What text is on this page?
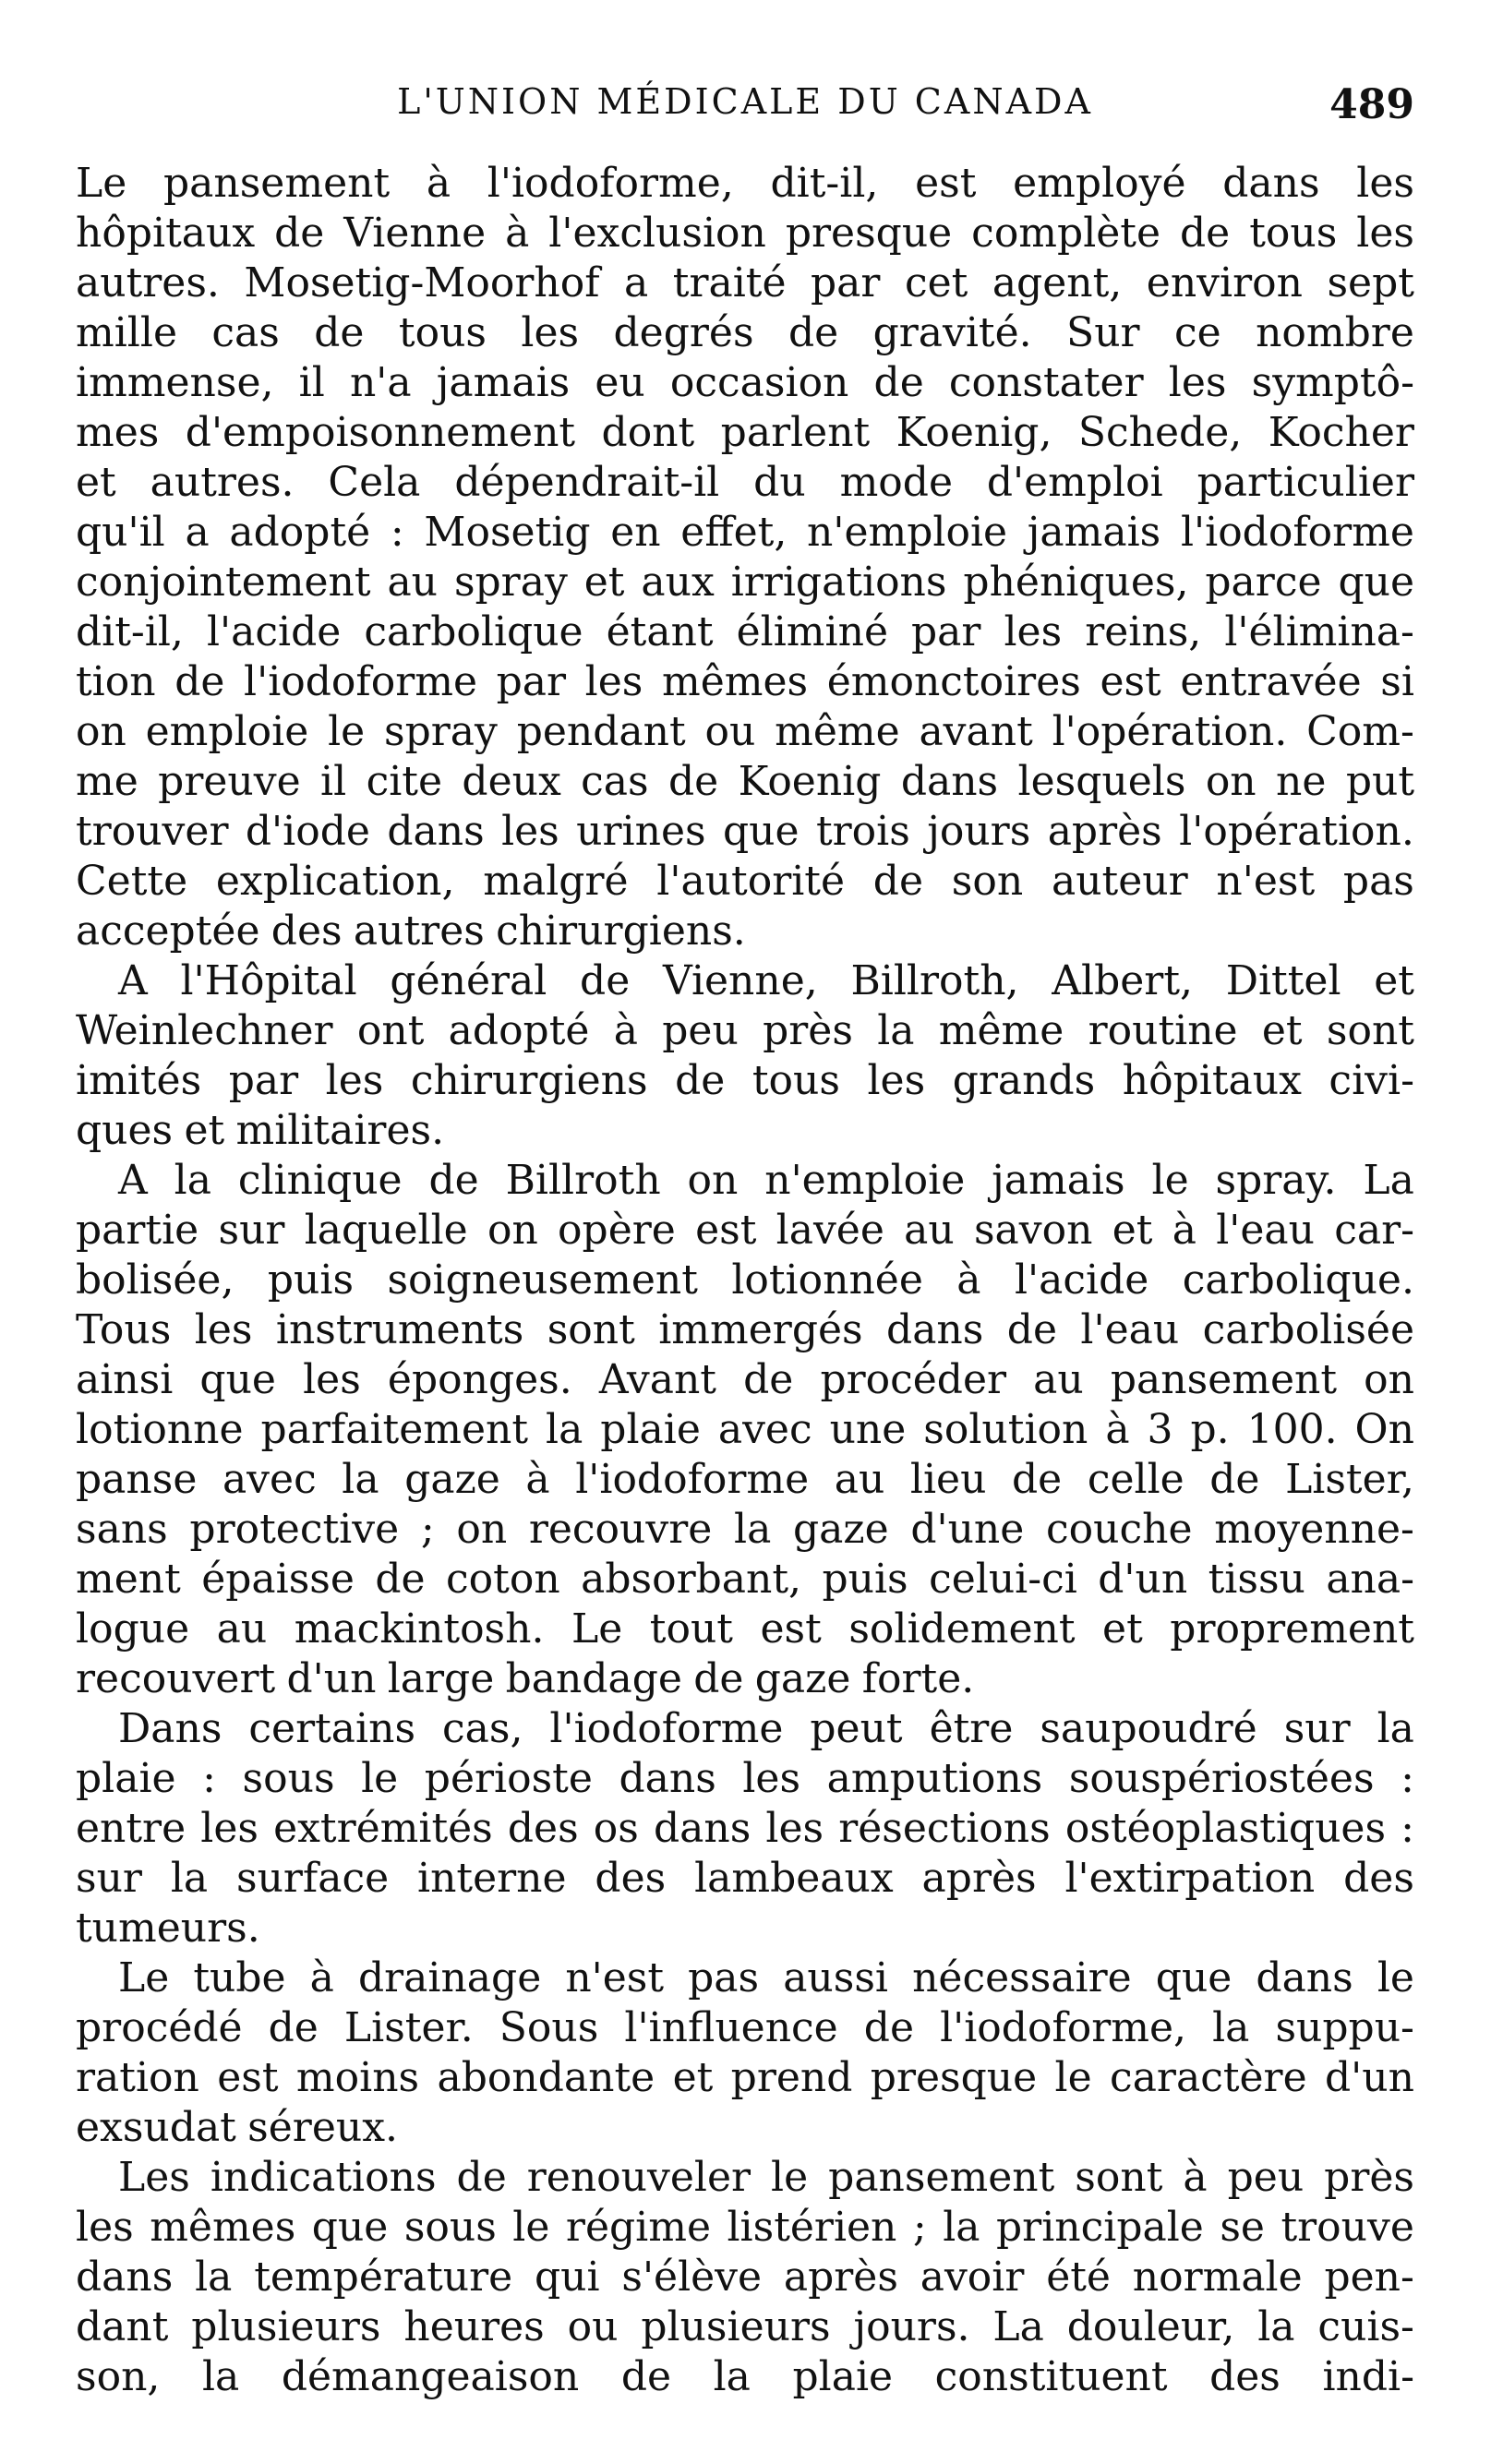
L'UNION MÉDICALE DU CANADA	489
Le pansement à l'iodoforme, dit-il, est employé dans les
hôpitaux de Vienne à l'exclusion presque complète de tous les
autres. Mosetig-Moorhof a traité par cet agent, environ sept
mille cas de tous les degrés de gravité. Sur ce nombre
immense, il n'a jamais eu occasion de constater les symptô-
mes d'empoisonnement dont parlent Koenig, Schede, Kocher
et autres. Cela dépendrait-il du mode d'emploi particulier
qu'il a adopté : Mosetig en effet, n'emploie jamais l'iodoforme
conjointement au spray et aux irrigations phéniques, parce que
dit-il, l'acide carbolique étant éliminé par les reins, l'élimina-
tion de l'iodoforme par les mêmes émonctoires est entravée si
on emploie le spray pendant ou même avant l'opération. Com-
me preuve il cite deux cas de Koenig dans lesquels on ne put
trouver d'iode dans les urines que trois jours après l'opération.
Cette explication, malgré l'autorité de son auteur n'est pas
acceptée des autres chirurgiens.
A l'Hôpital général de Vienne, Billroth, Albert, Dittel et
Weinlechner ont adopté à peu près la même routine et sont
imités par les chirurgiens de tous les grands hôpitaux civi-
ques et militaires.
A la clinique de Billroth on n'emploie jamais le spray. La
partie sur laquelle on opère est lavée au savon et à l'eau car-
bolisée, puis soigneusement lotionnée à l'acide carbolique.
Tous les instruments sont immergés dans de l'eau carbolisée
ainsi que les éponges. Avant de procéder au pansement on
lotionne parfaitement la plaie avec une solution à 3 p. 100. On
panse avec la gaze à l'iodoforme au lieu de celle de Lister,
sans protective ; on recouvre la gaze d'une couche moyenne-
ment épaisse de coton absorbant, puis celui-ci d'un tissu ana-
logue au mackintosh. Le tout est solidement et proprement
recouvert d'un large bandage de gaze forte.
Dans certains cas, l'iodoforme peut être saupoudré sur la
plaie : sous le périoste dans les amputions souspériostées :
entre les extrémités des os dans les résections ostéoplastiques :
sur la surface interne des lambeaux après l'extirpation des
tumeurs.
Le tube à drainage n'est pas aussi nécessaire que dans le
procédé de Lister. Sous l'influence de l'iodoforme, la suppu-
ration est moins abondante et prend presque le caractère d'un
exsudat séreux.
Les indications de renouveler le pansement sont à peu près
les mêmes que sous le régime listérien ; la principale se trouve
dans la température qui s'élève après avoir été normale pen-
dant plusieurs heures ou plusieurs jours. La douleur, la cuis-
son, la démangeaison de la plaie constituent des indi-
